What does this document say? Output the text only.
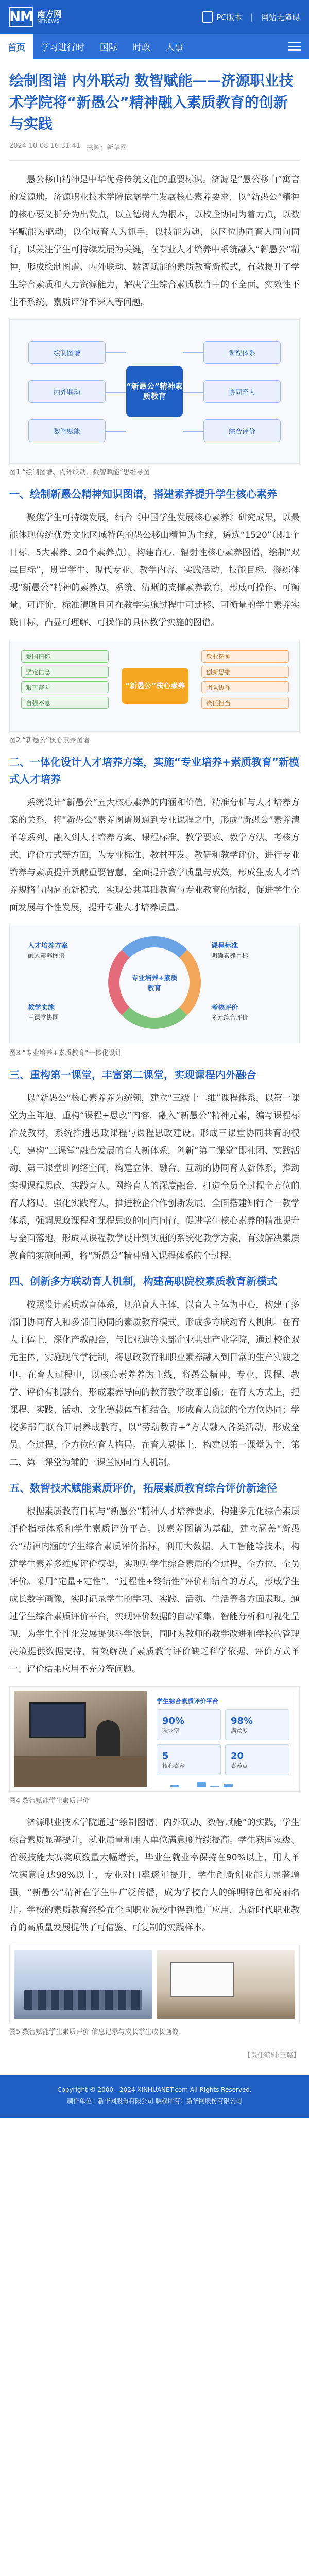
NM 南方网
NFNEWS	PC版本 | 网站无障碍
首页	学习进行时	国际	时政	人事
绘制图谱 内外联动 数智赋能——济源职业技术学院将“新愚公”精神融入素质教育的创新与实践
2024-10-08 16:31:41 来源：新华网

愚公移山精神是中华优秀传统文化的重要标识。济源是“愚公移山”寓言的发源地。济源职业技术学院依据学生发展核心素养要求，以“新愚公”精神的核心要义析分为出发点，以立德树人为根本，以校企协同为着力点，以数字赋能为驱动，以全域育人为抓手，以技能为魂，以区位协同育人同向同行，以关注学生可持续发展为关键，在专业人才培养中系统融入“新愚公”精神，形成绘制图谱、内外联动、数智赋能的素质教育新模式，有效提升了学生综合素质和人力资源能力，解决学生综合素质教育中的不全面、实效性不佳不系统、素质评价不深入等问题。

绘制图谱
内外联动
数智赋能
课程体系
协同育人
综合评价
“新愚公”精神素质教育
图1 “绘制图谱、内外联动、数智赋能”思维导图
一、绘制新愚公精神知识图谱，搭建素养提升学生核心素养

聚焦学生可持续发展，结合《中国学生发展核心素养》研究成果，以最能体现传统优秀文化区域特色的愚公移山精神为主线，遴选“1520”（即1个目标、5大素养、20个素养点），构建育心、辐射性核心素养图谱，绘制“双层目标”，贯串学生、现代专业、教学内容、实践活动、技能目标，凝练体现“新愚公”精神的素养点，系统、清晰的支撑素养教育，形成可操作、可衡量、可评价，标准清晰且可在教学实施过程中可迁移、可衡量的学生素养实践目标，凸显可理解、可操作的具体教学实施的图谱。

爱国情怀
坚定信念
艰苦奋斗
自强不息
“新愚公”核心素养
敬业精神
创新思维
团队协作
责任担当
图2 “新愚公”核心素养图谱
二、一体化设计人才培养方案，实施“专业培养+素质教育”新模式人才培养

系统设计“新愚公”五大核心素养的内涵和价值，精准分析与人才培养方案的关系，将“新愚公”素养图谱贯通到专业课程之中，形成“新愚公”素养清单等系列、融入到人才培养方案、课程标准、教学要求、教学方法、考核方式、评价方式等方面，为专业标准、教材开发、教研和教学评价、进行专业培养与素质提升贡献重要智慧，全面提升教学质量与成效，形成生成人才培养规格与内涵的新模式，实现公共基础教育与专业教育的衔接，促进学生全面发展与个性发展，提升专业人才培养质量。

专业培养+素质教育
人才培养方案
融入素养图谱
课程标准
明确素养目标
教学实施
三课堂协同
考核评价
多元综合评价
图3 “专业培养+素质教育”一体化设计
三、重构第一课堂，丰富第二课堂，实现课程内外融合

以“新愚公”核心素养养为统领，建立“三级十二维”课程体系，以第一课堂为主阵地，重构“课程+思政”内容，融入“新愚公”精神元素，编写课程标准及教材，系统推进思政课程与课程思政建设。形成三课堂协同共育的模式，建构“三课堂”融合发展的育人新体系，创新“第二课堂”即社团、实践活动、第三课堂即网络空间，构建立体、融合、互动的协同育人新体系，推动实现课程思政、实践育人、网络育人的深度融合，打造全员全过程全方位的育人格局。强化实践育人，推进校企合作创新发展，全面搭建知行合一教学体系，强调思政课程和课程思政的同向同行，促进学生核心素养的精准提升与全面落地，形成从课程教学设计到实施的系统化教学方案，有效解决素质教育的实施问题，将“新愚公”精神融入课程体系的全过程。

四、创新多方联动育人机制，构建高职院校素质教育新模式

按照设计素质教育体系，规范育人主体，以育人主体为中心，构建了多部门协同育人和多部门协同的素质教育模式，形成多方联动育人机制。在育人主体上，深化产教融合，与比亚迪等头部企业共建产业学院，通过校企双元主体，实施现代学徒制，将思政教育和职业素养融入到日常的生产实践之中。在育人过程中，以核心素养养为主线，将愚公精神、专业、课程、教学、评价有机融合，形成素养导向的教育教学改革创新；在育人方式上，把课程、实践、活动、文化等载体有机结合，形成育人资源的全方位协同；学校多部门联合开展养成教育，以“劳动教育+”方式融入各类活动，形成全员、全过程、全方位的育人格局。在育人载体上，构建以第一课堂为主，第二、第三课堂为辅的三课堂协同育人机制。

五、数智技术赋能素质评价，拓展素质教育综合评价新途径

根据素质教育目标与“新愚公”精神人才培养要求，构建多元化综合素质评价指标体系和学生素质评价平台。以素养图谱为基础，建立涵盖“新愚公”精神内涵的学生综合素质评价指标，利用大数据、人工智能等技术，构建学生素养多维度评价模型，实现对学生综合素质的全过程、全方位、全员评价。采用“定量+定性”、“过程性+终结性”评价相结合的方式，形成学生成长数字画像，实时记录学生的学习、实践、活动、生活等各方面表现。通过学生综合素质评价平台，实现评价数据的自动采集、智能分析和可视化呈现，为学生个性化发展提供科学依据，同时为教师的教学改进和学校的管理决策提供数据支持，有效解决了素质教育评价缺乏科学依据、评价方式单一、评价结果应用不充分等问题。

学生综合素质评价平台
90%
就业率
98%
满意度
5
核心素养
20
素养点
图4 数智赋能学生素质评价

济源职业技术学院通过“绘制图谱、内外联动、数智赋能”的实践，学生综合素质显著提升，就业质量和用人单位满意度持续提高。学生获国家级、省级技能大赛奖项数量大幅增长，毕业生就业率保持在90%以上，用人单位满意度达98%以上，专业对口率逐年提升，学生创新创业能力显著增强，“新愚公”精神在学生中广泛传播，成为学校育人的鲜明特色和亮丽名片。学校的素质教育经验在全国职业院校中得到推广应用，为新时代职业教育的高质量发展提供了可借鉴、可复制的实践样本。

图5 数智赋能学生素质评价 信息记录与成长学生成长画像
【责任编辑:王璐】
Copyright © 2000 - 2024 XINHUANET.com All Rights Reserved.
制作单位：新华网股份有限公司 版权所有：新华网股份有限公司
